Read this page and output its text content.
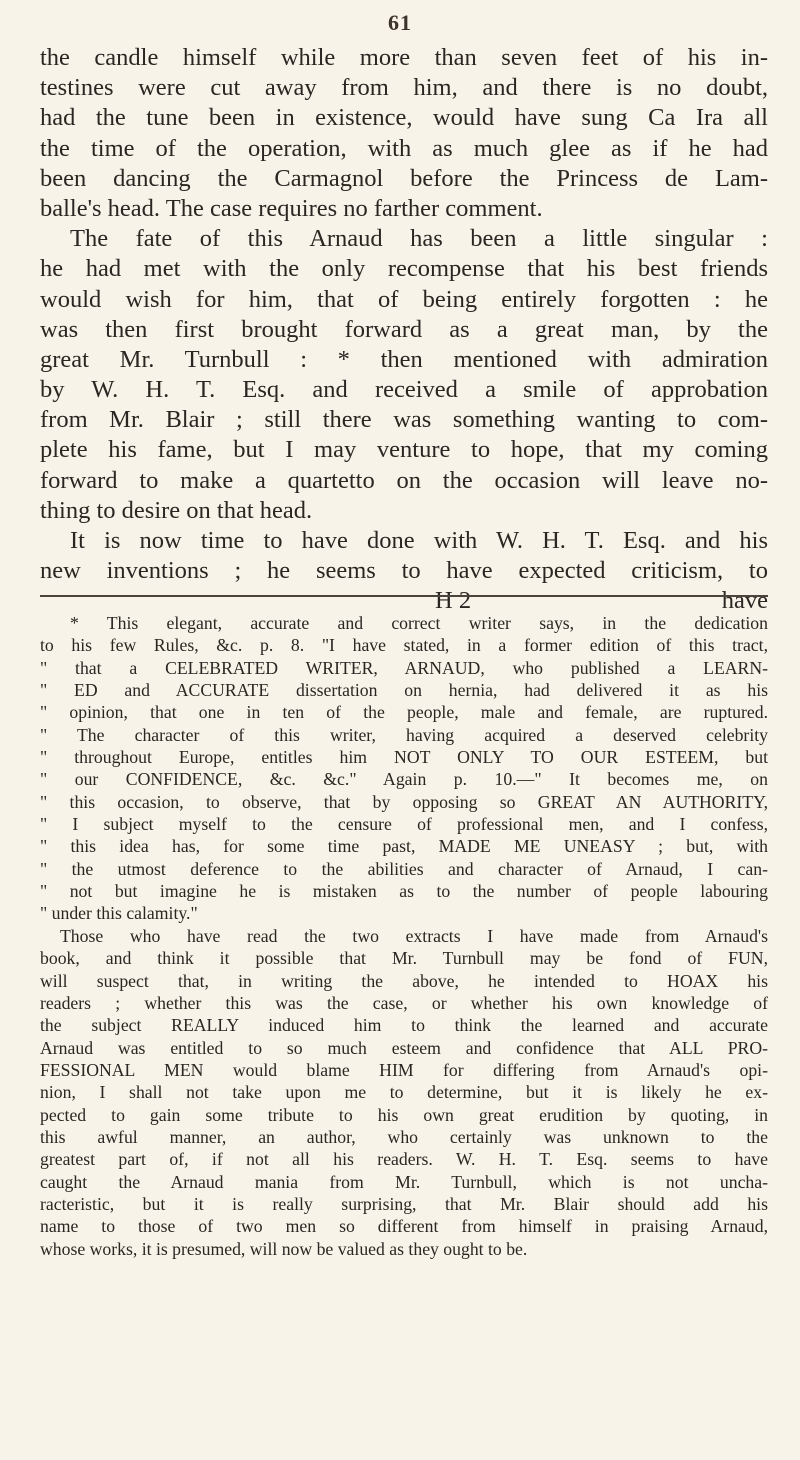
61
the candle himself while more than seven feet of his in-
testines were cut away from him, and there is no doubt,
had the tune been in existence, would have sung Ca Ira all
the time of the operation, with as much glee as if he had
been dancing the Carmagnol before the Princess de Lam-
balle's head. The case requires no farther comment.
The fate of this Arnaud has been a little singular :
he had met with the only recompense that his best friends
would wish for him, that of being entirely forgotten : he
was then first brought forward as a great man, by the
great Mr. Turnbull : * then mentioned with admiration
by W. H. T. Esq. and received a smile of approbation
from Mr. Blair ; still there was something wanting to com-
plete his fame, but I may venture to hope, that my coming
forward to make a quartetto on the occasion will leave no-
thing to desire on that head.
It is now time to have done with W. H. T. Esq. and his
new inventions ; he seems to have expected criticism, to
H 2	have
* This elegant, accurate and correct writer says, in the dedication
to his few Rules, &c. p. 8. "I have stated, in a former edition of this tract,
" that a CELEBRATED WRITER, ARNAUD, who published a LEARN-
" ED and ACCURATE dissertation on hernia, had delivered it as his
" opinion, that one in ten of the people, male and female, are ruptured.
" The character of this writer, having acquired a deserved celebrity
" throughout Europe, entitles him NOT ONLY TO OUR ESTEEM, but
" our CONFIDENCE, &c. &c." Again p. 10.—" It becomes me, on
" this occasion, to observe, that by opposing so GREAT AN AUTHORITY,
" I subject myself to the censure of professional men, and I confess,
" this idea has, for some time past, MADE ME UNEASY ; but, with
" the utmost deference to the abilities and character of Arnaud, I can-
" not but imagine he is mistaken as to the number of people labouring
" under this calamity."
Those who have read the two extracts I have made from Arnaud's
book, and think it possible that Mr. Turnbull may be fond of FUN,
will suspect that, in writing the above, he intended to HOAX his
readers ; whether this was the case, or whether his own knowledge of
the subject REALLY induced him to think the learned and accurate
Arnaud was entitled to so much esteem and confidence that ALL PRO-
FESSIONAL MEN would blame HIM for differing from Arnaud's opi-
nion, I shall not take upon me to determine, but it is likely he ex-
pected to gain some tribute to his own great erudition by quoting, in
this awful manner, an author, who certainly was unknown to the
greatest part of, if not all his readers. W. H. T. Esq. seems to have
caught the Arnaud mania from Mr. Turnbull, which is not uncha-
racteristic, but it is really surprising, that Mr. Blair should add his
name to those of two men so different from himself in praising Arnaud,
whose works, it is presumed, will now be valued as they ought to be.
